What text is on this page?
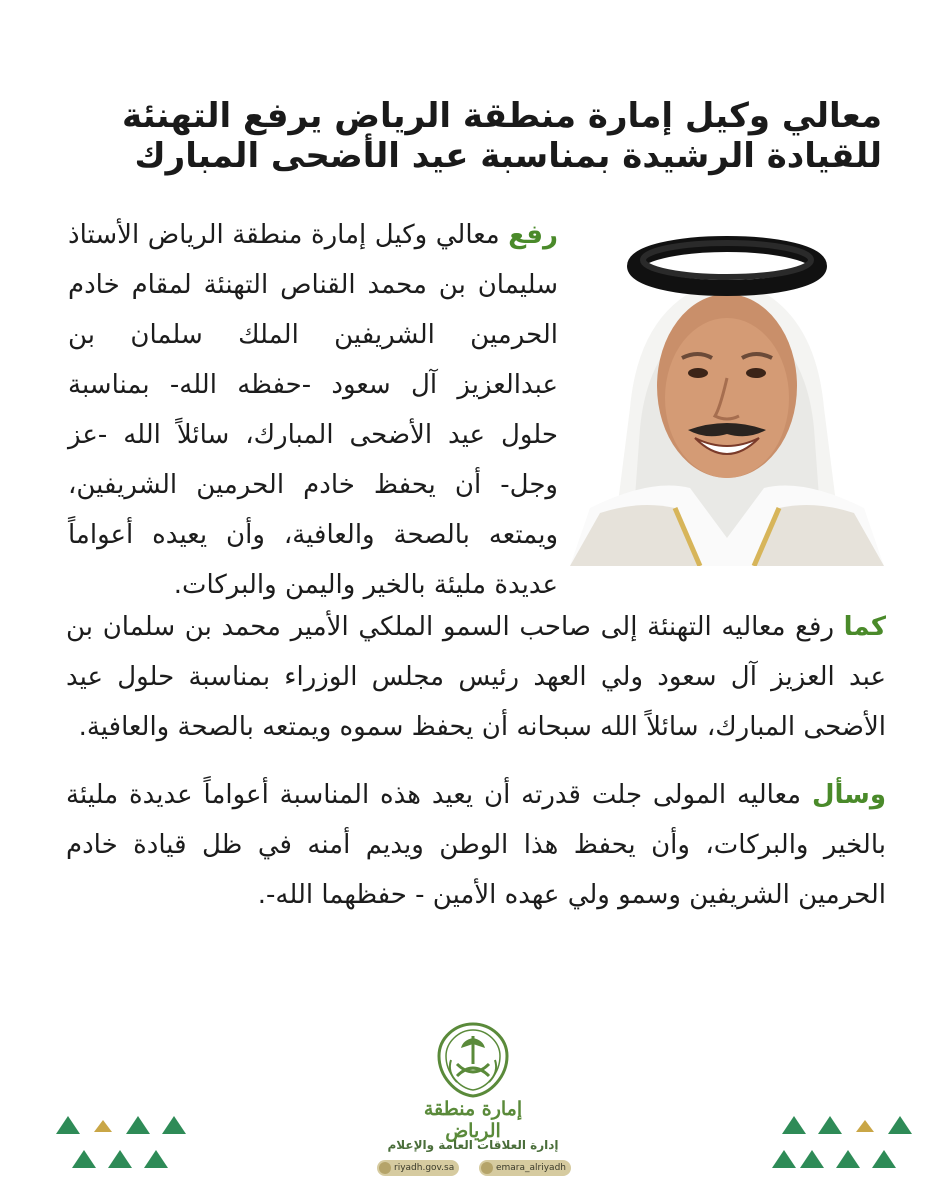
معالي وكيل إمارة منطقة الرياض يرفع التهنئة للقيادة الرشيدة بمناسبة عيد الأضحى المبارك

رفع معالي وكيل إمارة منطقة الرياض الأستاذ سليمان بن محمد القناص التهنئة لمقام خادم الحرمين الشريفين الملك سلمان بن عبدالعزيز آل سعود -حفظه الله- بمناسبة حلول عيد الأضحى المبارك، سائلاً الله -عز وجل- أن يحفظ خادم الحرمين الشريفين، ويمتعه بالصحة والعافية، وأن يعيده أعواماً عديدة مليئة بالخير واليمن والبركات.

كما رفع معاليه التهنئة إلى صاحب السمو الملكي الأمير محمد بن سلمان بن عبد العزيز آل سعود ولي العهد رئيس مجلس الوزراء بمناسبة حلول عيد الأضحى المبارك، سائلاً الله سبحانه أن يحفظ سموه ويمتعه بالصحة والعافية.

وسأل معاليه المولى جلت قدرته أن يعيد هذه المناسبة أعواماً عديدة مليئة بالخير والبركات، وأن يحفظ هذا الوطن ويديم أمنه في ظل قيادة خادم الحرمين الشريفين وسمو ولي عهده الأمين - حفظهما الله-.

إمارة منطقة الرياض

إدارة العلاقات العامة والإعلام

riyadh.gov.sa	emara_alriyadh
